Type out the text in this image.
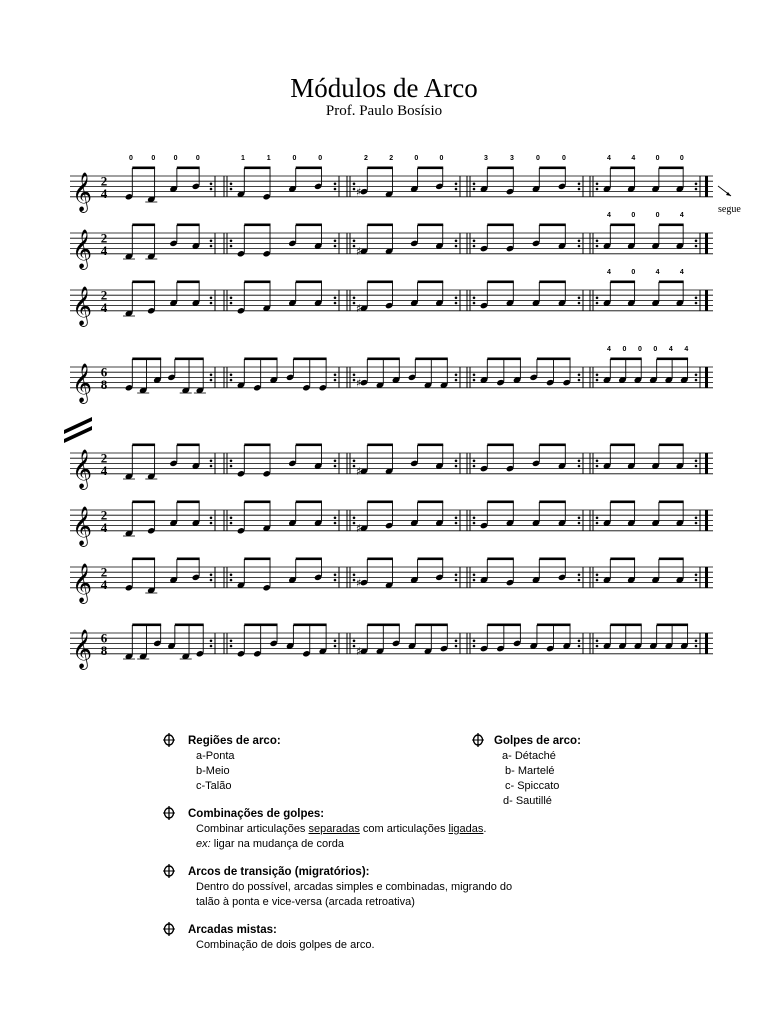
Módulos de Arco
Prof. Paulo Bosísio
𝄞 2
4
0	0	0	0	1	1	0	0
♯
2	2	0	0	3	3	0	0	4	4	0	0
𝄞 2
4	♯
4	0	0	4
𝄞 2
4	♯
4	0	4	4
𝄞 6
8	♯
4 0 0 0 4 4
𝄞 2
4	♯
𝄞 2
4	♯
𝄞 2
4	♯
𝄞 6
8	♯
segue
Regiões de arco:
a-Ponta
b-Meio
c-Talão
Golpes de arco:
a- Détaché
b- Martelé
c- Spiccato
d- Sautillé
Combinações de golpes:
Combinar articulações separadas com articulações ligadas.
ex: ligar na mudança de corda
Arcos de transição (migratórios):
Dentro do possível, arcadas simples e combinadas, migrando do
talão à ponta e vice-versa (arcada retroativa)
Arcadas mistas:
Combinação de dois golpes de arco.
